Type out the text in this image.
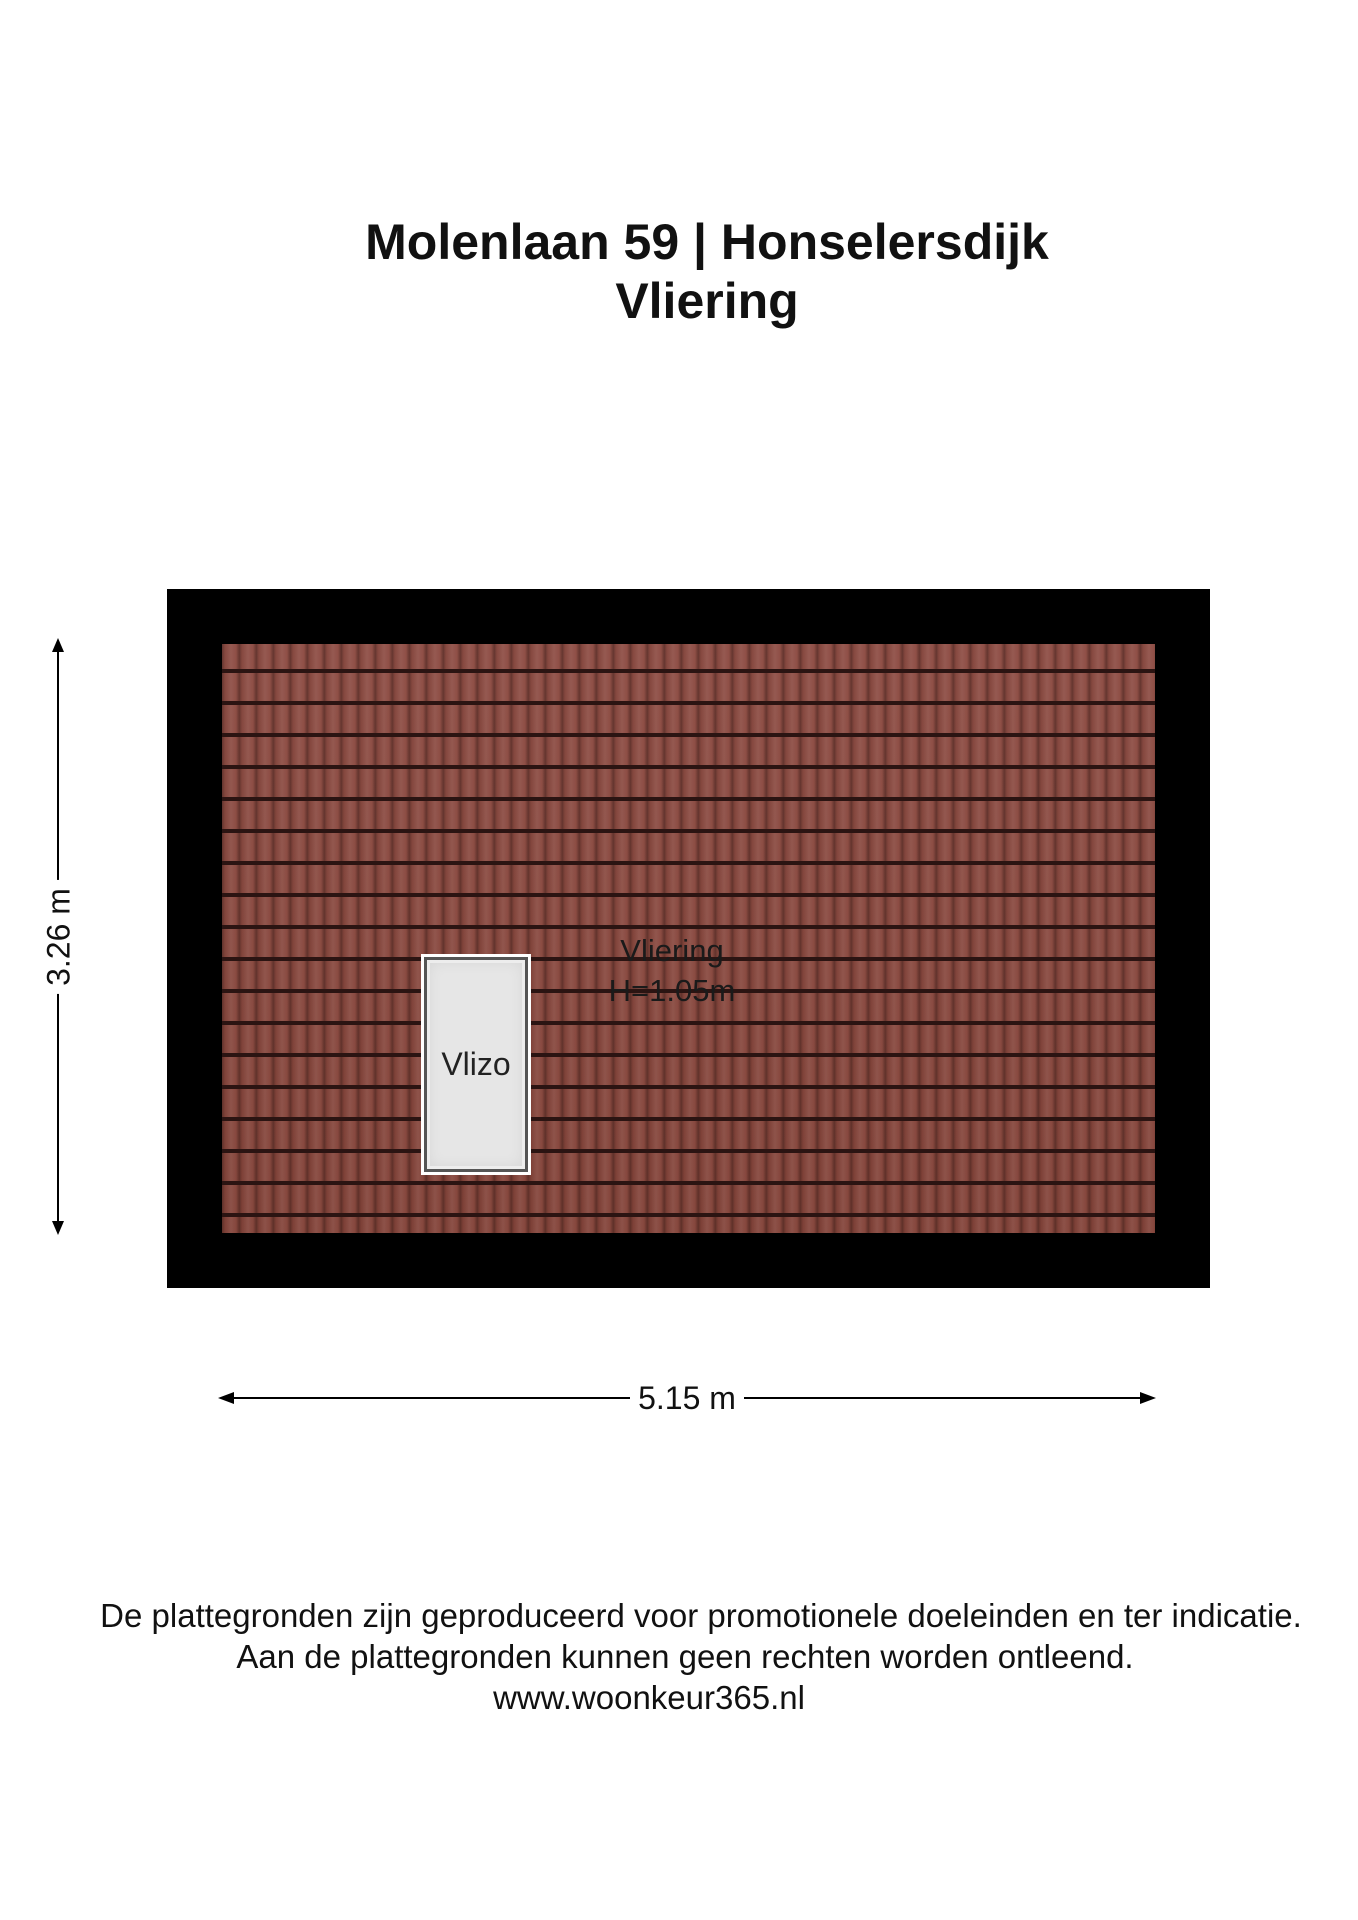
Molenlaan 59 | Honselersdijk
Vliering
3.26 m	Vliering
H=1.05m
Vlizo
5.15 m

De plattegronden zijn geproduceerd voor promotionele doeleinden en ter indicatie.

Aan de plattegronden kunnen geen rechten worden ontleend.

www.woonkeur365.nl
